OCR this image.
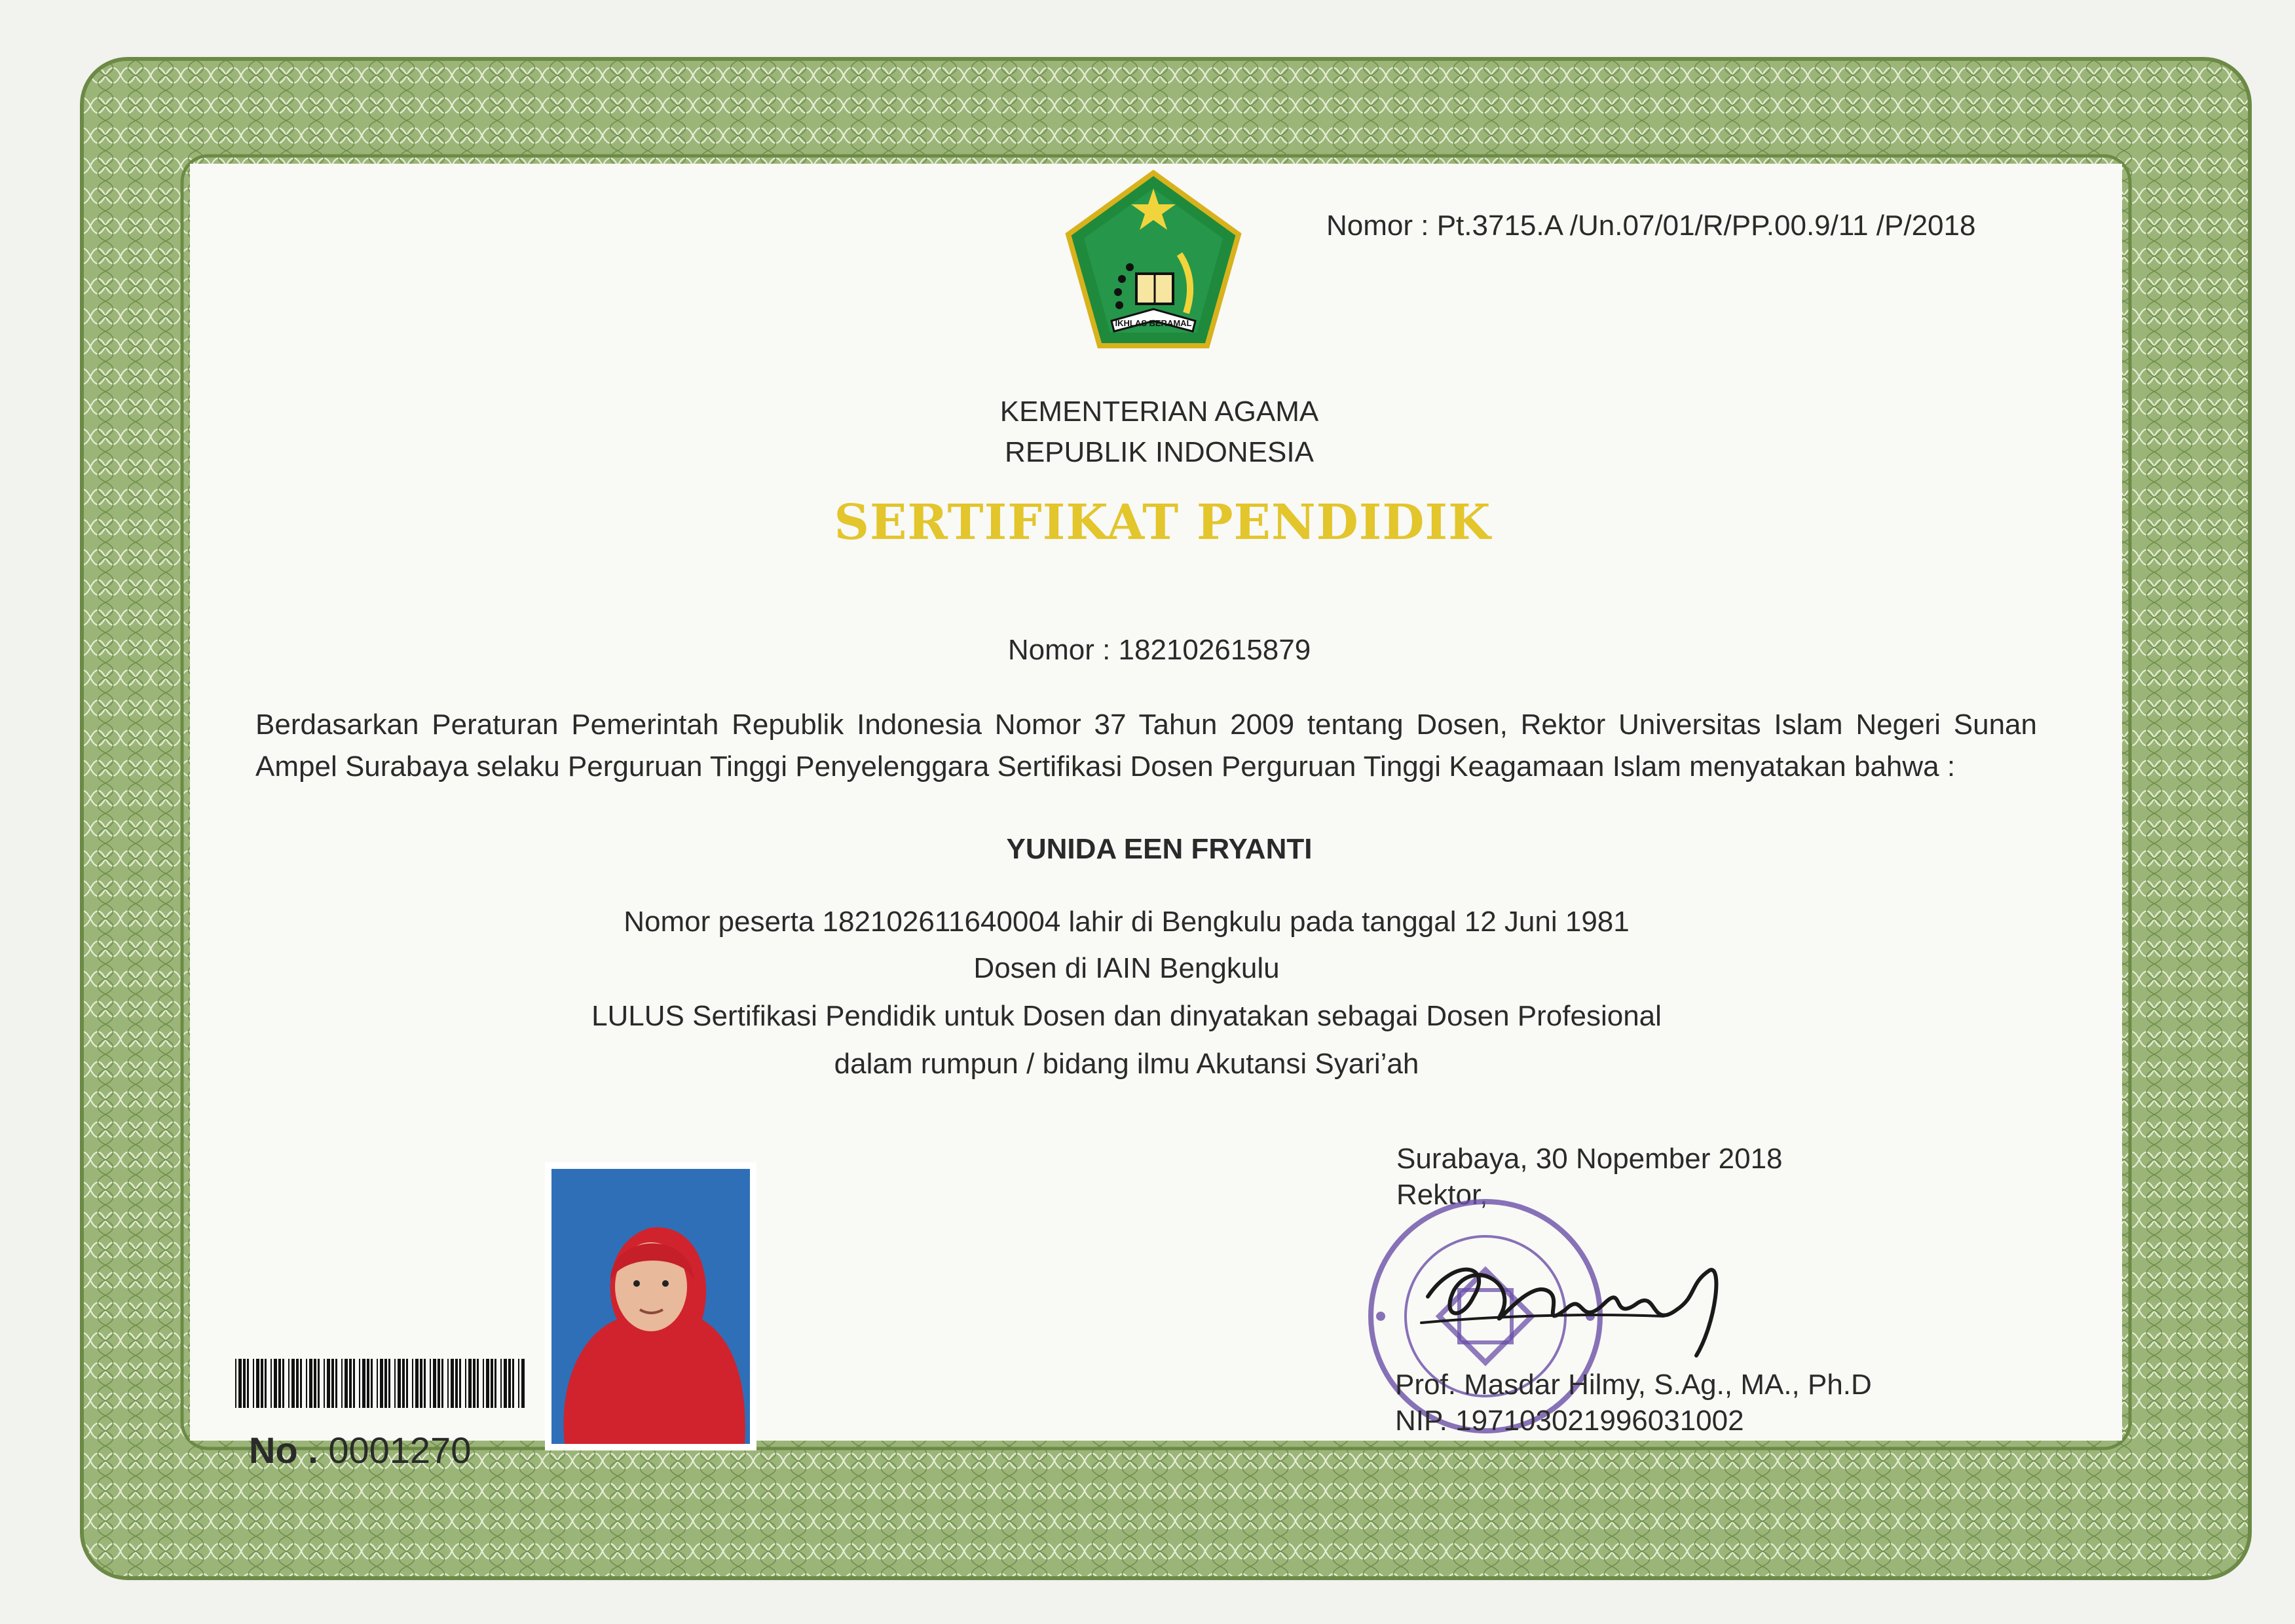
IKHLAS BERAMAL
Nomor : Pt.3715.A /Un.07/01/R/PP.00.9/11 /P/2018
KEMENTERIAN AGAMA
REPUBLIK INDONESIA
SERTIFIKAT PENDIDIK
Nomor : 182102615879
Berdasarkan Peraturan Pemerintah Republik Indonesia Nomor 37 Tahun 2009 tentang Dosen, Rektor Universitas Islam Negeri Sunan Ampel Surabaya selaku Perguruan Tinggi Penyelenggara Sertifikasi Dosen Perguruan Tinggi Keagamaan Islam menyatakan bahwa :
YUNIDA EEN FRYANTI
Nomor peserta 182102611640004 lahir di Bengkulu pada tanggal 12 Juni 1981
Dosen di IAIN Bengkulu
LULUS Sertifikasi Pendidik untuk Dosen dan dinyatakan sebagai Dosen Profesional
dalam rumpun / bidang ilmu Akutansi Syari’ah
Surabaya, 30 Nopember 2018
Rektor,
Prof. Masdar Hilmy, S.Ag., MA., Ph.D
NIP. 197103021996031002
No . 0001270
